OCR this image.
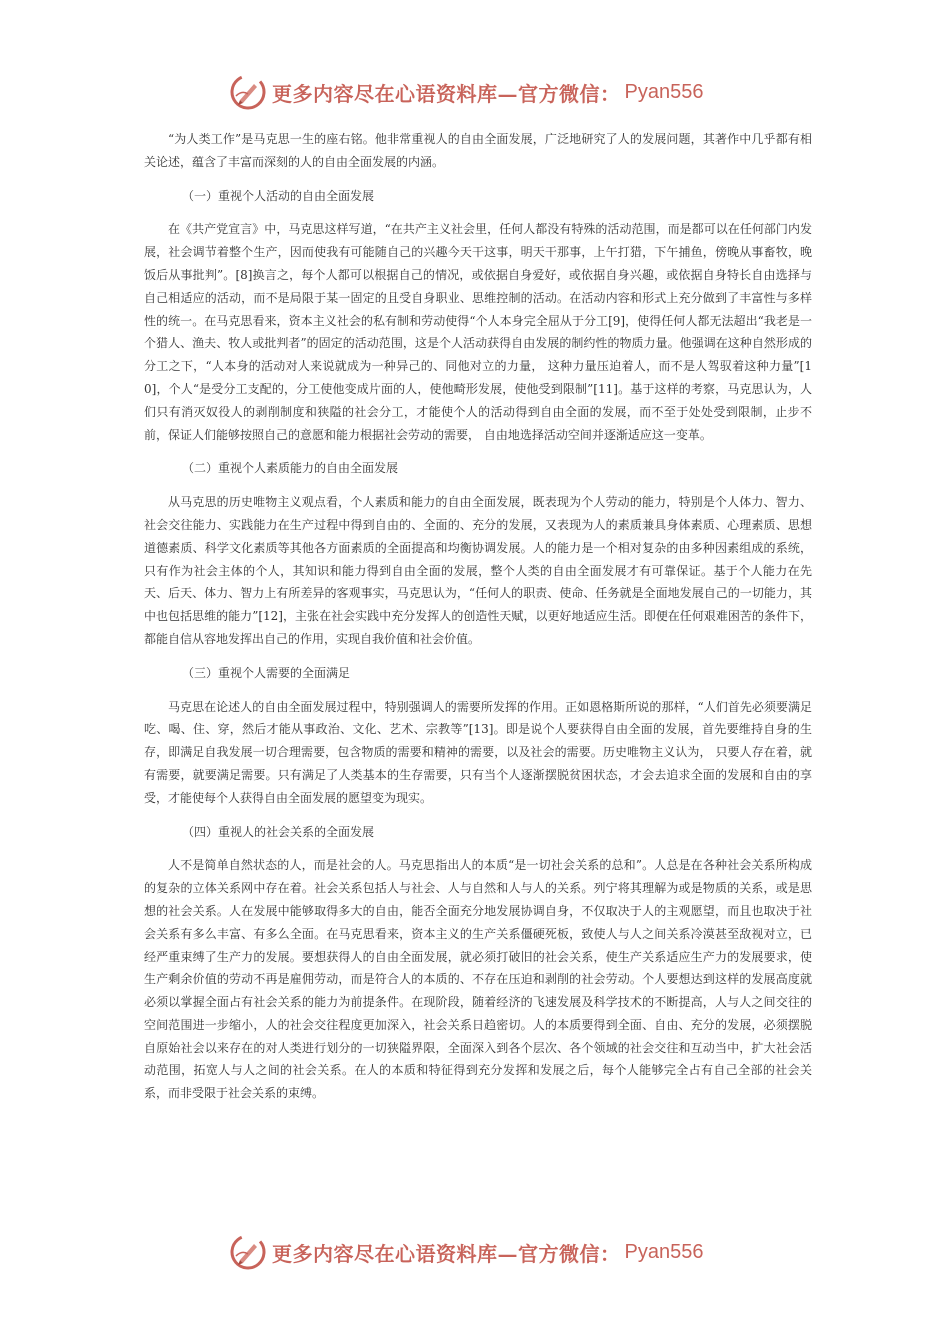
更多内容尽在心语资料库—官方微信： Pyan556

“为人类工作”是马克思一生的座右铭。他非常重视人的自由全面发展，广泛地研究了人的发展问题，其著作中几乎都有相关论述，蕴含了丰富而深刻的人的自由全面发展的内涵。

（一）重视个人活动的自由全面发展

在《共产党宣言》中，马克思这样写道，“在共产主义社会里，任何人都没有特殊的活动范围，而是都可以在任何部门内发展，社会调节着整个生产，因而使我有可能随自己的兴趣今天干这事，明天干那事，上午打猎，下午捕鱼，傍晚从事畜牧，晚饭后从事批判”。[8]换言之，每个人都可以根据自己的情况，或依据自身爱好，或依据自身兴趣，或依据自身特长自由选择与自己相适应的活动，而不是局限于某一固定的且受自身职业、思维控制的活动。在活动内容和形式上充分做到了丰富性与多样性的统一。在马克思看来，资本主义社会的私有制和劳动使得“个人本身完全屈从于分工[9]，使得任何人都无法超出“我老是一个猎人、渔夫、牧人或批判者”的固定的活动范围，这是个人活动获得自由发展的制约性的物质力量。他强调在这种自然形成的分工之下，“人本身的活动对人来说就成为一种异己的、同他对立的力量， 这种力量压迫着人，而不是人驾驭着这种力量”[10]，个人“是受分工支配的，分工使他变成片面的人，使他畸形发展，使他受到限制”[11]。基于这样的考察，马克思认为，人们只有消灭奴役人的剥削制度和狭隘的社会分工，才能使个人的活动得到自由全面的发展，而不至于处处受到限制，止步不前，保证人们能够按照自己的意愿和能力根据社会劳动的需要， 自由地选择活动空间并逐渐适应这一变革。

（二）重视个人素质能力的自由全面发展

从马克思的历史唯物主义观点看，个人素质和能力的自由全面发展，既表现为个人劳动的能力，特别是个人体力、智力、社会交往能力、实践能力在生产过程中得到自由的、全面的、充分的发展，又表现为人的素质兼具身体素质、心理素质、思想道德素质、科学文化素质等其他各方面素质的全面提高和均衡协调发展。人的能力是一个相对复杂的由多种因素组成的系统，只有作为社会主体的个人，其知识和能力得到自由全面的发展，整个人类的自由全面发展才有可靠保证。基于个人能力在先天、后天、体力、智力上有所差异的客观事实，马克思认为，“任何人的职责、使命、任务就是全面地发展自己的一切能力，其中也包括思维的能力”[12]，主张在社会实践中充分发挥人的创造性天赋，以更好地适应生活。即便在任何艰难困苦的条件下，都能自信从容地发挥出自己的作用，实现自我价值和社会价值。

（三）重视个人需要的全面满足

马克思在论述人的自由全面发展过程中，特别强调人的需要所发挥的作用。正如恩格斯所说的那样，“人们首先必须要满足吃、喝、住、穿，然后才能从事政治、文化、艺术、宗教等”[13]。即是说个人要获得自由全面的发展，首先要维持自身的生存，即满足自我发展一切合理需要，包含物质的需要和精神的需要，以及社会的需要。历史唯物主义认为， 只要人存在着，就有需要，就要满足需要。只有满足了人类基本的生存需要，只有当个人逐渐摆脱贫困状态，才会去追求全面的发展和自由的享受，才能使每个人获得自由全面发展的愿望变为现实。

（四）重视人的社会关系的全面发展

人不是简单自然状态的人，而是社会的人。马克思指出人的本质“是一切社会关系的总和”。人总是在各种社会关系所构成的复杂的立体关系网中存在着。社会关系包括人与社会、人与自然和人与人的关系。列宁将其理解为或是物质的关系，或是思想的社会关系。人在发展中能够取得多大的自由，能否全面充分地发展协调自身，不仅取决于人的主观愿望，而且也取决于社会关系有多么丰富、有多么全面。在马克思看来，资本主义的生产关系僵硬死板，致使人与人之间关系冷漠甚至敌视对立，已经严重束缚了生产力的发展。要想获得人的自由全面发展，就必须打破旧的社会关系，使生产关系适应生产力的发展要求，使生产剩余价值的劳动不再是雇佣劳动，而是符合人的本质的、不存在压迫和剥削的社会劳动。个人要想达到这样的发展高度就必须以掌握全面占有社会关系的能力为前提条件。在现阶段，随着经济的飞速发展及科学技术的不断提高，人与人之间交往的空间范围进一步缩小，人的社会交往程度更加深入，社会关系日趋密切。人的本质要得到全面、自由、充分的发展，必须摆脱自原始社会以来存在的对人类进行划分的一切狭隘界限，全面深入到各个层次、各个领域的社会交往和互动当中，扩大社会活动范围，拓宽人与人之间的社会关系。在人的本质和特征得到充分发挥和发展之后，每个人能够完全占有自己全部的社会关系，而非受限于社会关系的束缚。

更多内容尽在心语资料库—官方微信： Pyan556
